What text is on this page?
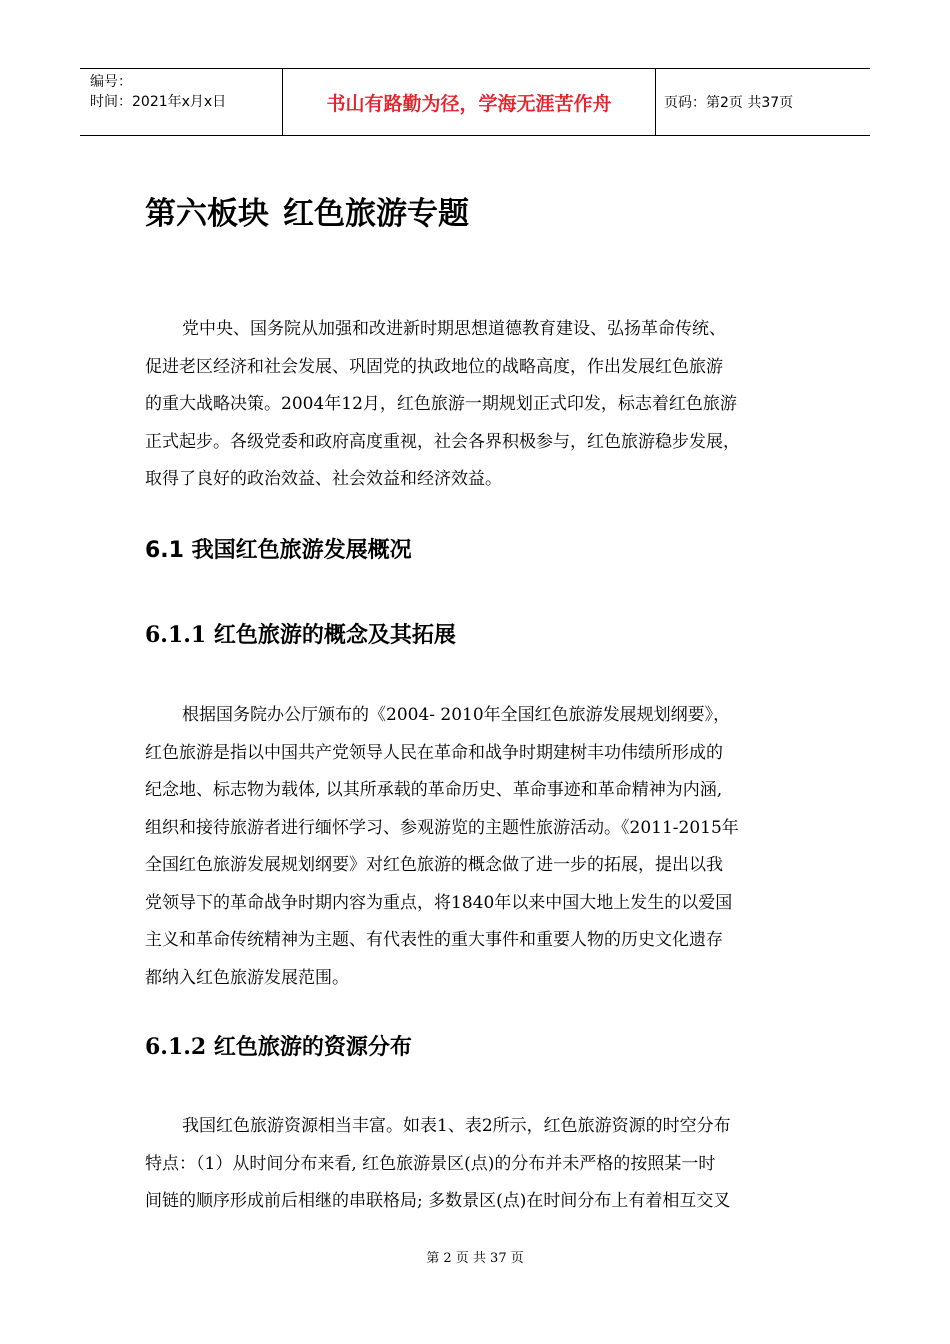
编号：
时间：2021年x月x日	书山有路勤为径，学海无涯苦作舟	页码：第2页 共37页
第六板块 红色旅游专题
党中央、国务院从加强和改进新时期思想道德教育建设、弘扬革命传统、
促进老区经济和社会发展、巩固党的执政地位的战略高度，作出发展红色旅游
的重大战略决策。2004年12月，红色旅游一期规划正式印发，标志着红色旅游
正式起步。各级党委和政府高度重视，社会各界积极参与，红色旅游稳步发展，
取得了良好的政治效益、社会效益和经济效益。
6.1 我国红色旅游发展概况
6.1.1 红色旅游的概念及其拓展
根据国务院办公厅颁布的《2004- 2010年全国红色旅游发展规划纲要》，
红色旅游是指以中国共产党领导人民在革命和战争时期建树丰功伟绩所形成的
纪念地、标志物为载体, 以其所承载的革命历史、革命事迹和革命精神为内涵,
组织和接待旅游者进行缅怀学习、参观游览的主题性旅游活动。《2011-2015年
全国红色旅游发展规划纲要》对红色旅游的概念做了进一步的拓展，提出以我
党领导下的革命战争时期内容为重点，将1840年以来中国大地上发生的以爱国
主义和革命传统精神为主题、有代表性的重大事件和重要人物的历史文化遗存
都纳入红色旅游发展范围。
6.1.2 红色旅游的资源分布
我国红色旅游资源相当丰富。如表1、表2所示，红色旅游资源的时空分布
特点：（1）从时间分布来看, 红色旅游景区(点)的分布并未严格的按照某一时
间链的顺序形成前后相继的串联格局; 多数景区(点)在时间分布上有着相互交叉
第 2 页 共 37 页
